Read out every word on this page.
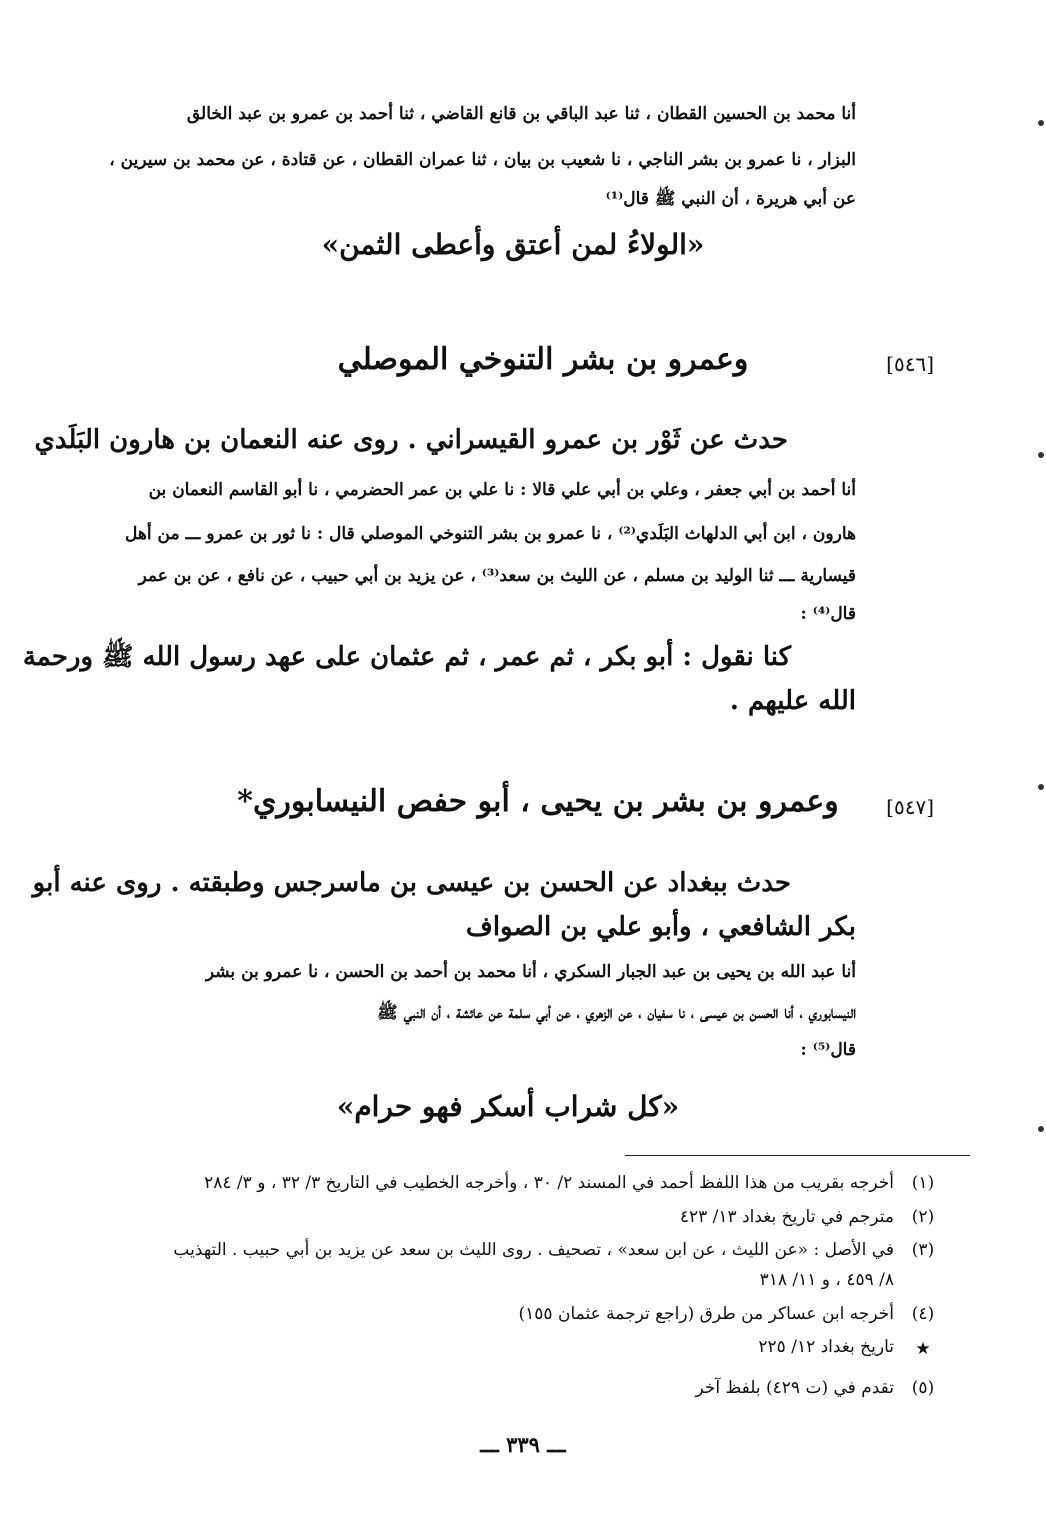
أنا محمد بن الحسين القطان ، ثنا عبد الباقي بن قانع القاضي ، ثنا أحمد بن عمرو بن عبد الخالق
البزار ، نا عمرو بن بشر الناجي ، نا شعيب بن بيان ، ثنا عمران القطان ، عن قتادة ، عن محمد بن سيرين ،
عن أبي هريرة ، أن النبي ﷺ قال⁽¹⁾
«الولاءُ لمن أعتق وأعطى الثمن»
[٥٤٦]
وعمرو بن بشر التنوخي الموصلي
حدث عن ثَوْر بن عمرو القيسراني . روى عنه النعمان بن هارون البَلَدي
أنا أحمد بن أبي جعفر ، وعلي بن أبي علي قالا : نا علي بن عمر الحضرمي ، نا أبو القاسم النعمان بن
هارون ، ابن أبي الدلهاث البَلَدي⁽²⁾ ، نا عمرو بن بشر التنوخي الموصلي قال : نا ثور بن عمرو ـــ من أهل
قيسارية ـــ ثنا الوليد بن مسلم ، عن الليث بن سعد⁽³⁾ ، عن يزيد بن أبي حبيب ، عن نافع ، عن بن عمر
قال⁽⁴⁾ :
كنا نقول : أبو بكر ، ثم عمر ، ثم عثمان على عهد رسول الله ﷺ ورحمة
الله عليهم .
[٥٤٧]
وعمرو بن بشر بن يحيى ، أبو حفص النيسابوري*
حدث ببغداد عن الحسن بن عيسى بن ماسرجس وطبقته . روى عنه أبو
بكر الشافعي ، وأبو علي بن الصواف
أنا عبد الله بن يحيى بن عبد الجبار السكري ، أنا محمد بن أحمد بن الحسن ، نا عمرو بن بشر
النيسابوري ، أنا الحسن بن عيسى ، نا سفيان ، عن الزهري ، عن أبي سلمة عن عائشة ، أن النبي ﷺ
قال⁽⁵⁾ :
«كل شراب أسكر فهو حرام»
(١)
أخرجه بقريب من هذا اللفظ أحمد في المسند ٢/ ٣٠ ، وأخرجه الخطيب في التاريخ ٣/ ٣٢ ، و ٣/ ٢٨٤
(٢)
مترجم في تاريخ بغداد ١٣/ ٤٢٣
(٣)
في الأصل : «عن الليث ، عن ابن سعد» ، تصحيف . روى الليث بن سعد عن يزيد بن أبي حبيب . التهذيب
٨/ ٤٥٩ ، و ١١/ ٣١٨
(٤)
أخرجه ابن عساكر من طرق (راجع ترجمة عثمان ١٥٥)
★
تاريخ بغداد ١٢/ ٢٢٥
(٥)
تقدم في (ت ٤٢٩) بلفظ آخر
ـــ ٣٣٩ ـــ
